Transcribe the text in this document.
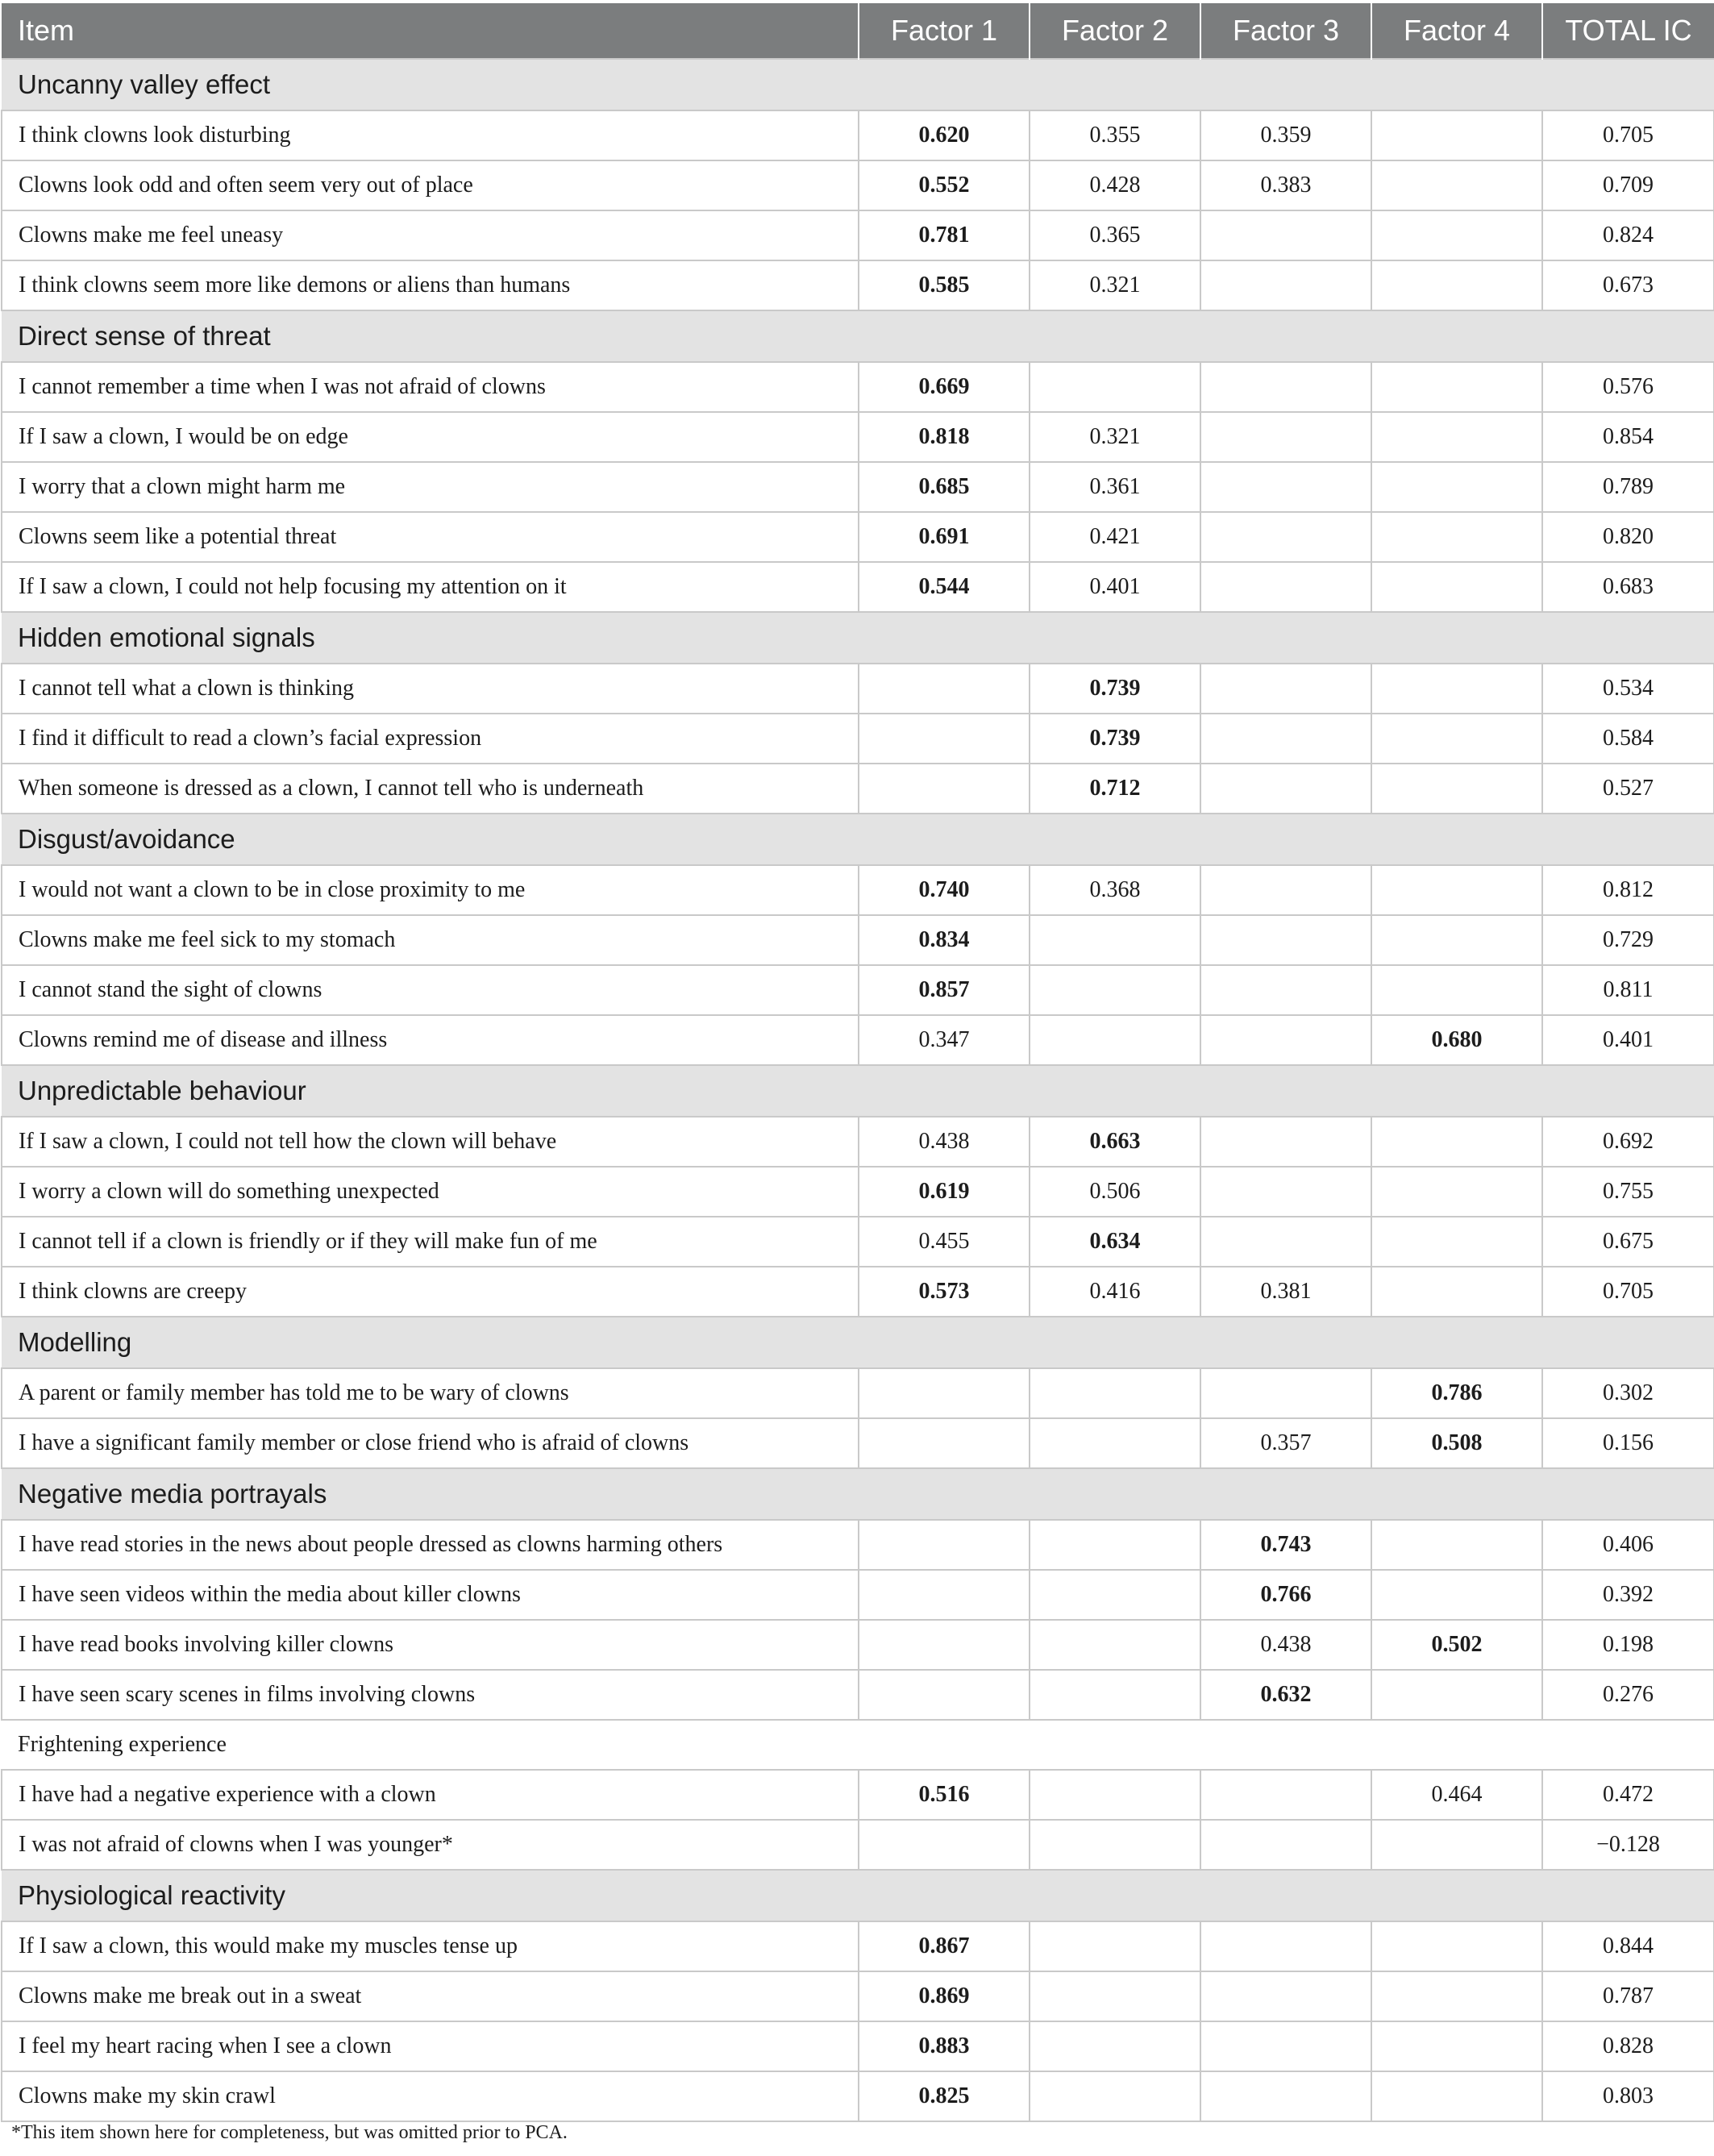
Item	Factor 1	Factor 2	Factor 3	Factor 4	TOTAL IC
Uncanny valley effect					
I think clowns look disturbing	0.620	0.355	0.359		0.705
Clowns look odd and often seem very out of place	0.552	0.428	0.383		0.709
Clowns make me feel uneasy	0.781	0.365			0.824
I think clowns seem more like demons or aliens than humans	0.585	0.321			0.673
Direct sense of threat					
I cannot remember a time when I was not afraid of clowns	0.669				0.576
If I saw a clown, I would be on edge	0.818	0.321			0.854
I worry that a clown might harm me	0.685	0.361			0.789
Clowns seem like a potential threat	0.691	0.421			0.820
If I saw a clown, I could not help focusing my attention on it	0.544	0.401			0.683
Hidden emotional signals					
I cannot tell what a clown is thinking		0.739			0.534
I find it difficult to read a clown’s facial expression		0.739			0.584
When someone is dressed as a clown, I cannot tell who is underneath		0.712			0.527
Disgust/avoidance					
I would not want a clown to be in close proximity to me	0.740	0.368			0.812
Clowns make me feel sick to my stomach	0.834				0.729
I cannot stand the sight of clowns	0.857				0.811
Clowns remind me of disease and illness	0.347			0.680	0.401
Unpredictable behaviour					
If I saw a clown, I could not tell how the clown will behave	0.438	0.663			0.692
I worry a clown will do something unexpected	0.619	0.506			0.755
I cannot tell if a clown is friendly or if they will make fun of me	0.455	0.634			0.675
I think clowns are creepy	0.573	0.416	0.381		0.705
Modelling					
A parent or family member has told me to be wary of clowns				0.786	0.302
I have a significant family member or close friend who is afraid of clowns			0.357	0.508	0.156
Negative media portrayals					
I have read stories in the news about people dressed as clowns harming others			0.743		0.406
I have seen videos within the media about killer clowns			0.766		0.392
I have read books involving killer clowns			0.438	0.502	0.198
I have seen scary scenes in films involving clowns			0.632		0.276
Frightening experience					
I have had a negative experience with a clown	0.516			0.464	0.472
I was not afraid of clowns when I was younger*					−0.128
Physiological reactivity					
If I saw a clown, this would make my muscles tense up	0.867				0.844
Clowns make me break out in a sweat	0.869				0.787
I feel my heart racing when I see a clown	0.883				0.828
Clowns make my skin crawl	0.825				0.803
*This item shown here for completeness, but was omitted prior to PCA.
